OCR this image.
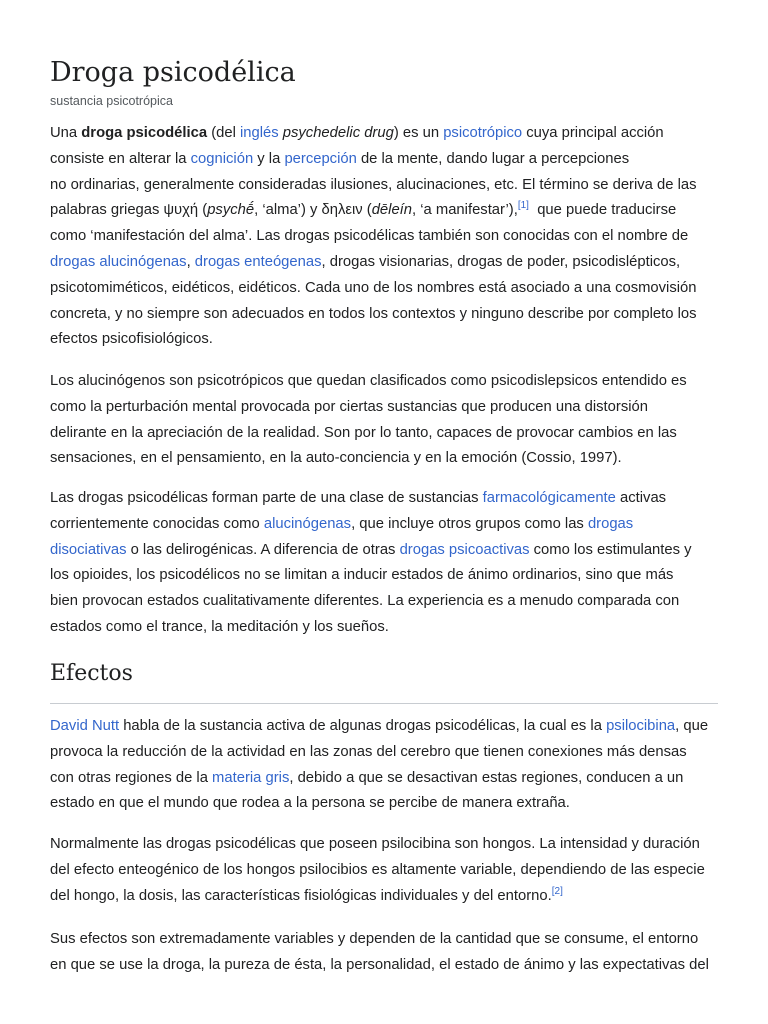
Droga psicodélica
sustancia psicotrópica

Una droga psicodélica (del inglés psychedelic drug) es un psicotrópico cuya principal acción
consiste en alterar la cognición y la percepción de la mente, dando lugar a percepciones
no ordinarias, generalmente consideradas ilusiones, alucinaciones, etc. El término se deriva de las
palabras griegas ψυχή (psychḗ, ‘alma’) y δηλειν (dēleín, ‘a manifestar’),[1]  que puede traducirse
como ‘manifestación del alma’. Las drogas psicodélicas también son conocidas con el nombre de
drogas alucinógenas, drogas enteógenas, drogas visionarias, drogas de poder, psicodislépticos,
psicotomiméticos, eidéticos, eidéticos. Cada uno de los nombres está asociado a una cosmovisión
concreta, y no siempre son adecuados en todos los contextos y ninguno describe por completo los
efectos psicofisiológicos.

Los alucinógenos son psicotrópicos que quedan clasificados como psicodislepsicos entendido es
como la perturbación mental provocada por ciertas sustancias que producen una distorsión
delirante en la apreciación de la realidad. Son por lo tanto, capaces de provocar cambios en las
sensaciones, en el pensamiento, en la auto-conciencia y en la emoción (Cossio, 1997).

Las drogas psicodélicas forman parte de una clase de sustancias farmacológicamente activas
corrientemente conocidas como alucinógenas, que incluye otros grupos como las drogas
disociativas o las delirogénicas. A diferencia de otras drogas psicoactivas como los estimulantes y
los opioides, los psicodélicos no se limitan a inducir estados de ánimo ordinarios, sino que más
bien provocan estados cualitativamente diferentes. La experiencia es a menudo comparada con
estados como el trance, la meditación y los sueños.

Efectos

David Nutt habla de la sustancia activa de algunas drogas psicodélicas, la cual es la psilocibina, que
provoca la reducción de la actividad en las zonas del cerebro que tienen conexiones más densas
con otras regiones de la materia gris, debido a que se desactivan estas regiones, conducen a un
estado en que el mundo que rodea a la persona se percibe de manera extraña.

Normalmente las drogas psicodélicas que poseen psilocibina son hongos. La intensidad y duración
del efecto enteogénico de los hongos psilocibios es altamente variable, dependiendo de las especie
del hongo, la dosis, las características fisiológicas individuales y del entorno.[2]

Sus efectos son extremadamente variables y dependen de la cantidad que se consume, el entorno
en que se use la droga, la pureza de ésta, la personalidad, el estado de ánimo y las expectativas del
